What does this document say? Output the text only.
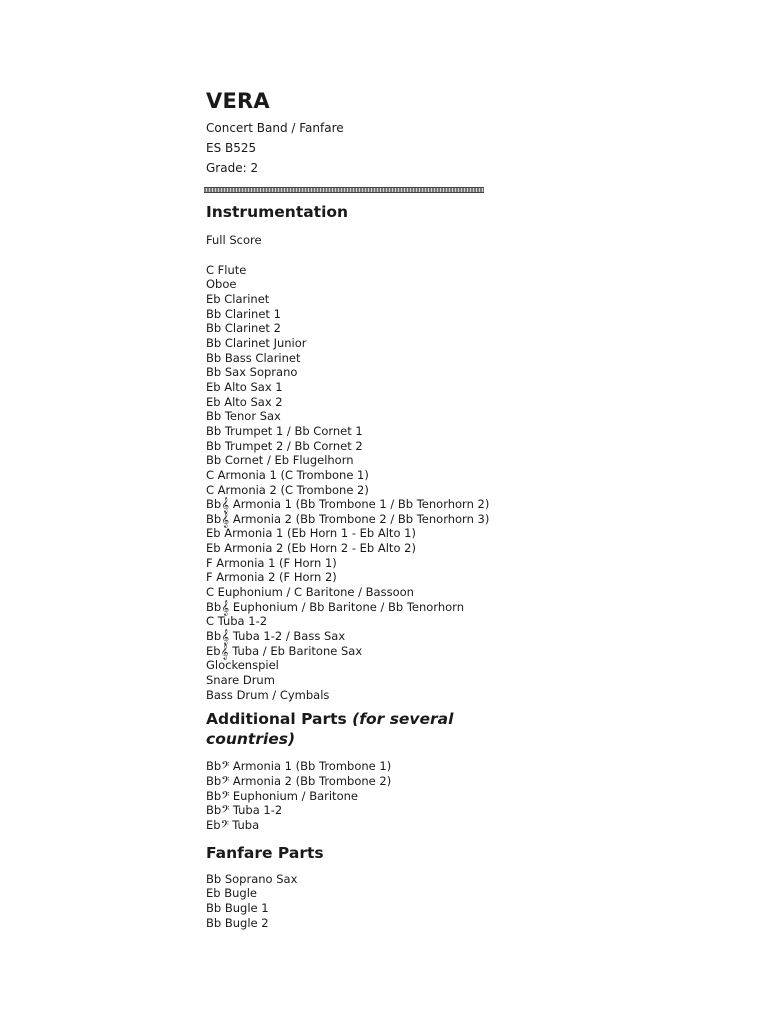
VERA
Concert Band / Fanfare
ES B525
Grade: 2
Instrumentation
Full Score
C Flute
Oboe
Eb Clarinet
Bb Clarinet 1
Bb Clarinet 2
Bb Clarinet Junior
Bb Bass Clarinet
Bb Sax Soprano
Eb Alto Sax 1
Eb Alto Sax 2
Bb Tenor Sax
Bb Trumpet 1 / Bb Cornet 1
Bb Trumpet 2 / Bb Cornet 2
Bb Cornet / Eb Flugelhorn
C Armonia 1 (C Trombone 1)
C Armonia 2 (C Trombone 2)
Bb𝄞 Armonia 1 (Bb Trombone 1 / Bb Tenorhorn 2)
Bb𝄞 Armonia 2 (Bb Trombone 2 / Bb Tenorhorn 3)
Eb Armonia 1 (Eb Horn 1 - Eb Alto 1)
Eb Armonia 2 (Eb Horn 2 - Eb Alto 2)
F Armonia 1 (F Horn 1)
F Armonia 2 (F Horn 2)
C Euphonium / C Baritone / Bassoon
Bb𝄞 Euphonium / Bb Baritone / Bb Tenorhorn
C Tuba 1-2
Bb𝄞 Tuba 1-2 / Bass Sax
Eb𝄞 Tuba / Eb Baritone Sax
Glockenspiel
Snare Drum
Bass Drum / Cymbals
Additional Parts (for several countries)
Bb𝄢 Armonia 1 (Bb Trombone 1)
Bb𝄢 Armonia 2 (Bb Trombone 2)
Bb𝄢 Euphonium / Baritone
Bb𝄢 Tuba 1-2
Eb𝄢 Tuba
Fanfare Parts
Bb Soprano Sax
Eb Bugle
Bb Bugle 1
Bb Bugle 2
